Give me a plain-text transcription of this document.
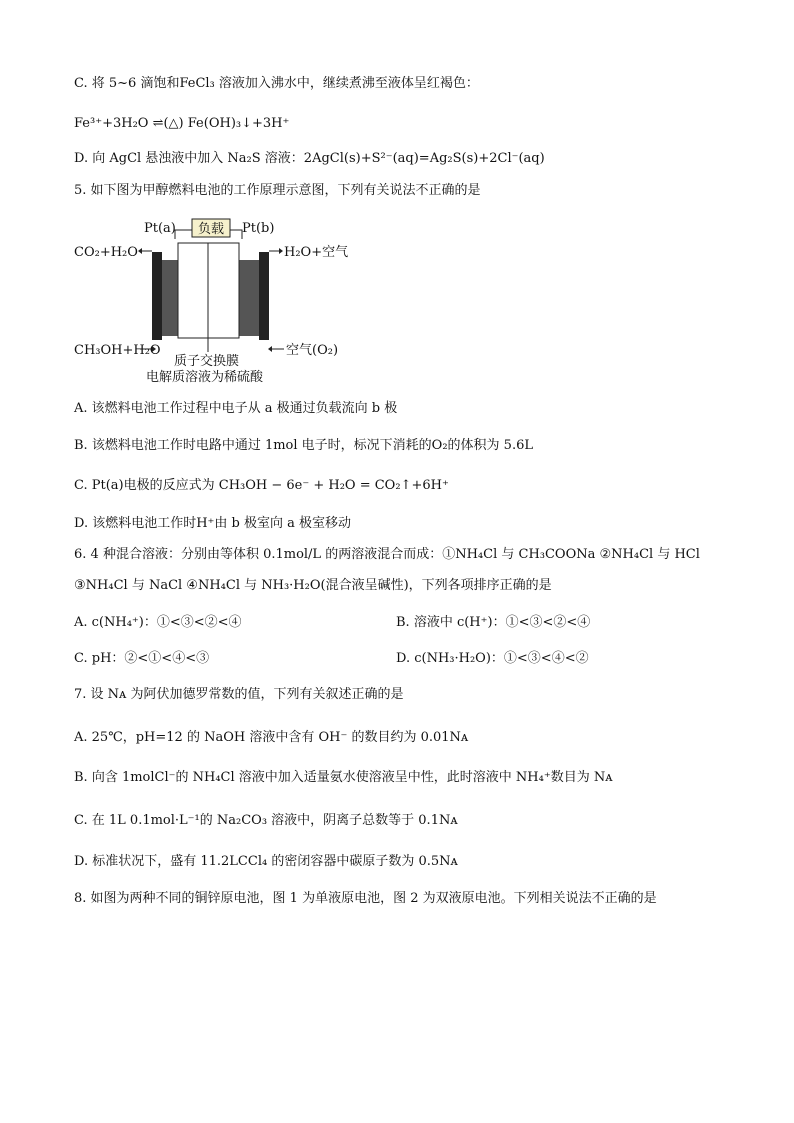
C. 将 5~6 滴饱和FeCl₃ 溶液加入沸水中，继续煮沸至液体呈红褐色：
Fe³⁺+3H₂O ⇌(△) Fe(OH)₃↓+3H⁺
D. 向 AgCl 悬浊液中加入 Na₂S 溶液：2AgCl(s)+S²⁻(aq)=Ag₂S(s)+2Cl⁻(aq)
5. 如下图为甲醇燃料电池的工作原理示意图，下列有关说法不正确的是
负载
Pt(a)	Pt(b)
CO₂+H₂O	H₂O+空气
CH₃OH+H₂O	空气(O₂)
质子交换膜
电解质溶液为稀硫酸
A. 该燃料电池工作过程中电子从 a 极通过负载流向 b 极
B. 该燃料电池工作时电路中通过 1mol 电子时，标况下消耗的O₂的体积为 5.6L
C. Pt(a)电极的反应式为 CH₃OH − 6e⁻ + H₂O = CO₂↑+6H⁺
D. 该燃料电池工作时H⁺由 b 极室向 a 极室移动
6. 4 种混合溶液：分别由等体积 0.1mol/L 的两溶液混合而成：①NH₄Cl 与 CH₃COONa ②NH₄Cl 与 HCl
③NH₄Cl 与 NaCl ④NH₄Cl 与 NH₃·H₂O(混合液呈碱性)，下列各项排序正确的是
A. c(NH₄⁺)：①<③<②<④	B. 溶液中 c(H⁺)：①<③<②<④
C. pH：②<①<④<③	D. c(NH₃·H₂O)：①<③<④<②
7. 设 Nᴀ 为阿伏加德罗常数的值，下列有关叙述正确的是
A. 25℃，pH=12 的 NaOH 溶液中含有 OH⁻ 的数目约为 0.01Nᴀ
B. 向含 1molCl⁻的 NH₄Cl 溶液中加入适量氨水使溶液呈中性，此时溶液中 NH₄⁺数目为 Nᴀ
C. 在 1L 0.1mol·L⁻¹的 Na₂CO₃ 溶液中，阴离子总数等于 0.1Nᴀ
D. 标准状况下，盛有 11.2LCCl₄ 的密闭容器中碳原子数为 0.5Nᴀ
8. 如图为两种不同的铜锌原电池，图 1 为单液原电池，图 2 为双液原电池。下列相关说法不正确的是
